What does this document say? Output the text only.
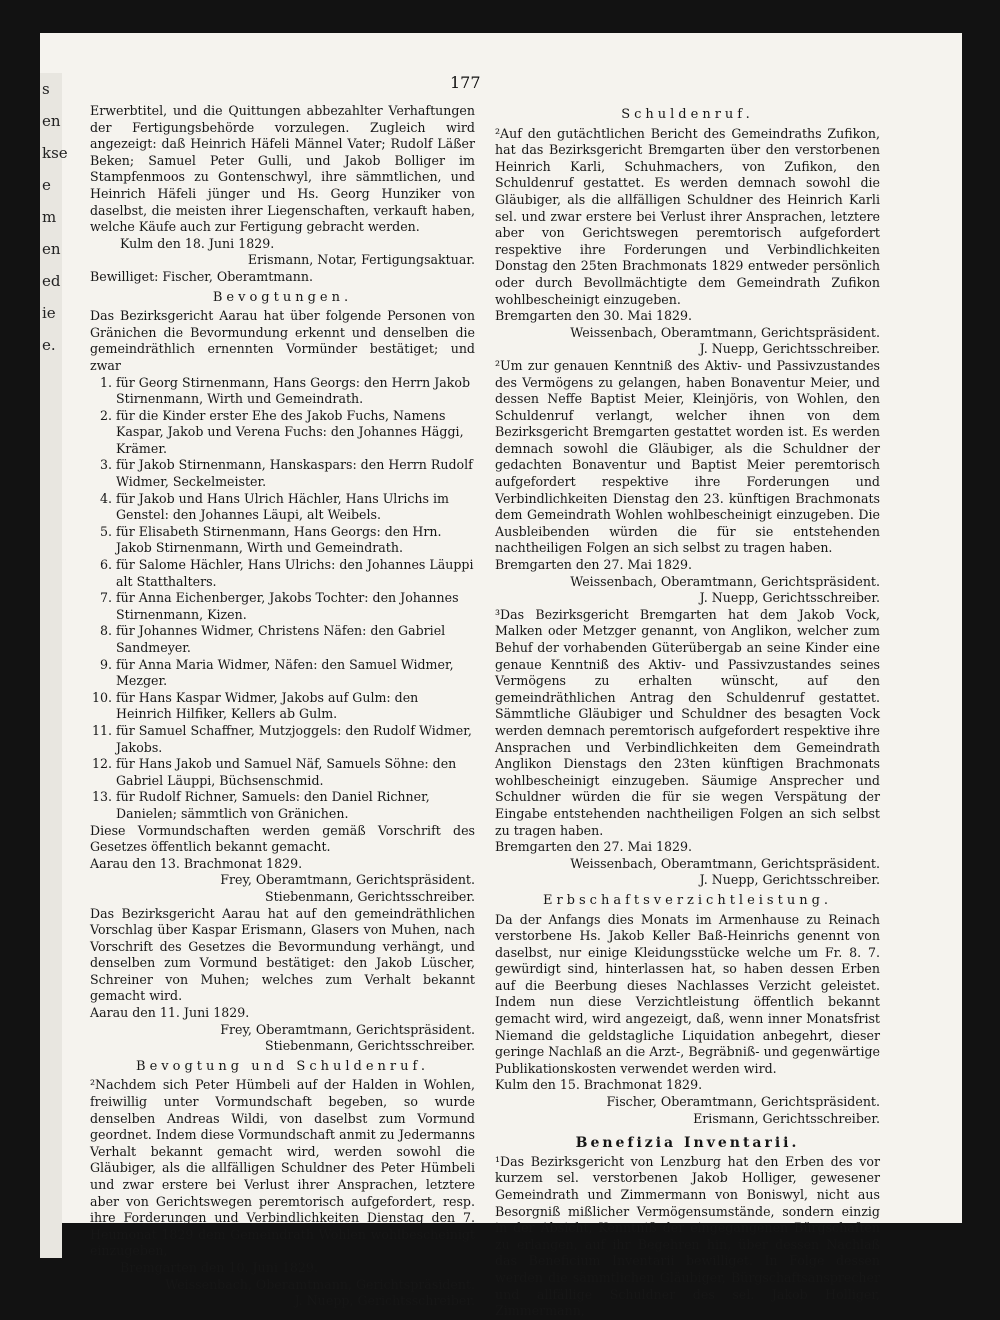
s
en
kse
e
m
en
ed
ie
e.
177

Erwerbtitel, und die Quittungen abbezahlter Verhaftungen der Fertigungsbehörde vorzulegen. Zugleich wird angezeigt: daß Heinrich Häfeli Männel Vater; Rudolf Läßer Beken; Samuel Peter Gulli, und Jakob Bolliger im Stampfenmoos zu Gontenschwyl, ihre sämmtlichen, und Heinrich Häfeli jünger und Hs. Georg Hunziker von daselbst, die meisten ihrer Liegenschaften, verkauft haben, welche Käufe auch zur Fertigung gebracht werden.

Kulm den 18. Juni 1829.

Erismann, Notar, Fertigungsaktuar.

Bewilliget: Fischer, Oberamtmann.

Bevogtungen.

Das Bezirksgericht Aarau hat über folgende Personen von Gränichen die Bevormundung erkennt und denselben die gemeindräthlich ernennten Vormünder bestätiget; und zwar

1. für Georg Stirnenmann, Hans Georgs: den Herrn Jakob Stirnenmann, Wirth und Gemeindrath.

2. für die Kinder erster Ehe des Jakob Fuchs, Namens Kaspar, Jakob und Verena Fuchs: den Johannes Häggi, Krämer.

3. für Jakob Stirnenmann, Hanskaspars: den Herrn Rudolf Widmer, Seckelmeister.

4. für Jakob und Hans Ulrich Hächler, Hans Ulrichs im Genstel: den Johannes Läupi, alt Weibels.

5. für Elisabeth Stirnenmann, Hans Georgs: den Hrn. Jakob Stirnenmann, Wirth und Gemeindrath.

6. für Salome Hächler, Hans Ulrichs: den Johannes Läuppi alt Statthalters.

7. für Anna Eichenberger, Jakobs Tochter: den Johannes Stirnenmann, Kizen.

8. für Johannes Widmer, Christens Näfen: den Gabriel Sandmeyer.

9. für Anna Maria Widmer, Näfen: den Samuel Widmer, Mezger.

10. für Hans Kaspar Widmer, Jakobs auf Gulm: den Heinrich Hilfiker, Kellers ab Gulm.

11. für Samuel Schaffner, Mutzjoggels: den Rudolf Widmer, Jakobs.

12. für Hans Jakob und Samuel Näf, Samuels Söhne: den Gabriel Läuppi, Büchsenschmid.

13. für Rudolf Richner, Samuels: den Daniel Richner, Danielen; sämmtlich von Gränichen.

Diese Vormundschaften werden gemäß Vorschrift des Gesetzes öffentlich bekannt gemacht.

Aarau den 13. Brachmonat 1829.

Frey, Oberamtmann, Gerichtspräsident.

Stiebenmann, Gerichtsschreiber.

Das Bezirksgericht Aarau hat auf den gemeindräthlichen Vorschlag über Kaspar Erismann, Glasers von Muhen, nach Vorschrift des Gesetzes die Bevormundung verhängt, und denselben zum Vormund bestätiget: den Jakob Lüscher, Schreiner von Muhen; welches zum Verhalt bekannt gemacht wird.

Aarau den 11. Juni 1829.

Frey, Oberamtmann, Gerichtspräsident.

Stiebenmann, Gerichtsschreiber.

Bevogtung und Schuldenruf.

²Nachdem sich Peter Hümbeli auf der Halden in Wohlen, freiwillig unter Vormundschaft begeben, so wurde denselben Andreas Wildi, von daselbst zum Vormund geordnet. Indem diese Vormundschaft anmit zu Jedermanns Verhalt bekannt gemacht wird, werden sowohl die Gläubiger, als die allfälligen Schuldner des Peter Hümbeli und zwar erstere bei Verlust ihrer Ansprachen, letztere aber von Gerichtswegen peremtorisch aufgefordert, resp. ihre Forderungen und Verbindlichkeiten Dienstag den 7. Heumonat 1829 dem Gemeindrath Wohlen wohlbescheinigt einzugeben,

Bremgarten den 10. Juni 1829.

Weissenbach, Oberamtmann, Gerichtspräsident.

J. Nuepp, Gerichtsschreiber.

Schuldenruf.

²Auf den gutächtlichen Bericht des Gemeindraths Zufikon, hat das Bezirksgericht Bremgarten über den verstorbenen Heinrich Karli, Schuhmachers, von Zufikon, den Schuldenruf gestattet. Es werden demnach sowohl die Gläubiger, als die allfälligen Schuldner des Heinrich Karli sel. und zwar erstere bei Verlust ihrer Ansprachen, letztere aber von Gerichtswegen peremtorisch aufgefordert respektive ihre Forderungen und Verbindlichkeiten Donstag den 25ten Brachmonats 1829 entweder persönlich oder durch Bevollmächtigte dem Gemeindrath Zufikon wohlbescheinigt einzugeben.

Bremgarten den 30. Mai 1829.

Weissenbach, Oberamtmann, Gerichtspräsident.

J. Nuepp, Gerichtsschreiber.

²Um zur genauen Kenntniß des Aktiv- und Passivzustandes des Vermögens zu gelangen, haben Bonaventur Meier, und dessen Neffe Baptist Meier, Kleinjöris, von Wohlen, den Schuldenruf verlangt, welcher ihnen von dem Bezirksgericht Bremgarten gestattet worden ist. Es werden demnach sowohl die Gläubiger, als die Schuldner der gedachten Bonaventur und Baptist Meier peremtorisch aufgefordert respektive ihre Forderungen und Verbindlichkeiten Dienstag den 23. künftigen Brachmonats dem Gemeindrath Wohlen wohlbescheinigt einzugeben. Die Ausbleibenden würden die für sie entstehenden nachtheiligen Folgen an sich selbst zu tragen haben.

Bremgarten den 27. Mai 1829.

Weissenbach, Oberamtmann, Gerichtspräsident.

J. Nuepp, Gerichtsschreiber.

³Das Bezirksgericht Bremgarten hat dem Jakob Vock, Malken oder Metzger genannt, von Anglikon, welcher zum Behuf der vorhabenden Güterübergab an seine Kinder eine genaue Kenntniß des Aktiv- und Passivzustandes seines Vermögens zu erhalten wünscht, auf den gemeindräthlichen Antrag den Schuldenruf gestattet. Sämmtliche Gläubiger und Schuldner des besagten Vock werden demnach peremtorisch aufgefordert respektive ihre Ansprachen und Verbindlichkeiten dem Gemeindrath Anglikon Dienstags den 23ten künftigen Brachmonats wohlbescheinigt einzugeben. Säumige Ansprecher und Schuldner würden die für sie wegen Verspätung der Eingabe entstehenden nachtheiligen Folgen an sich selbst zu tragen haben.

Bremgarten den 27. Mai 1829.

Weissenbach, Oberamtmann, Gerichtspräsident.

J. Nuepp, Gerichtsschreiber.

Erbschaftsverzichtleistung.

Da der Anfangs dies Monats im Armenhause zu Reinach verstorbene Hs. Jakob Keller Baß-Heinrichs genennt von daselbst, nur einige Kleidungsstücke welche um Fr. 8. 7. gewürdigt sind, hinterlassen hat, so haben dessen Erben auf die Beerbung dieses Nachlasses Verzicht geleistet. Indem nun diese Verzichtleistung öffentlich bekannt gemacht wird, wird angezeigt, daß, wenn inner Monatsfrist Niemand die geldstagliche Liquidation anbegehrt, dieser geringe Nachlaß an die Arzt-, Begräbniß- und gegenwärtige Publikationskosten verwendet werden wird.

Kulm den 15. Brachmonat 1829.

Fischer, Oberamtmann, Gerichtspräsident.

Erismann, Gerichtsschreiber.

Benefizia Inventarii.

¹Das Bezirksgericht von Lenzburg hat den Erben des vor kurzem sel. verstorbenen Jakob Holliger, gewesener Gemeindrath und Zimmermann von Boniswyl, nicht aus Besorgniß mißlicher Vermögensumstände, sondern einzig in der Absicht, Kenntniß der eingegangenen Bürgschaften zu erlangen, auf ihr Begehren hin, über dessen Nachlaß das Beneficium Inventarii bewilliget. In Folge dessen werden die sämmtlichen Gläubiger, Bürgschaftsansprecher und allfällige Schuldner des sel. Jakob Holliger, Zimmermann,
